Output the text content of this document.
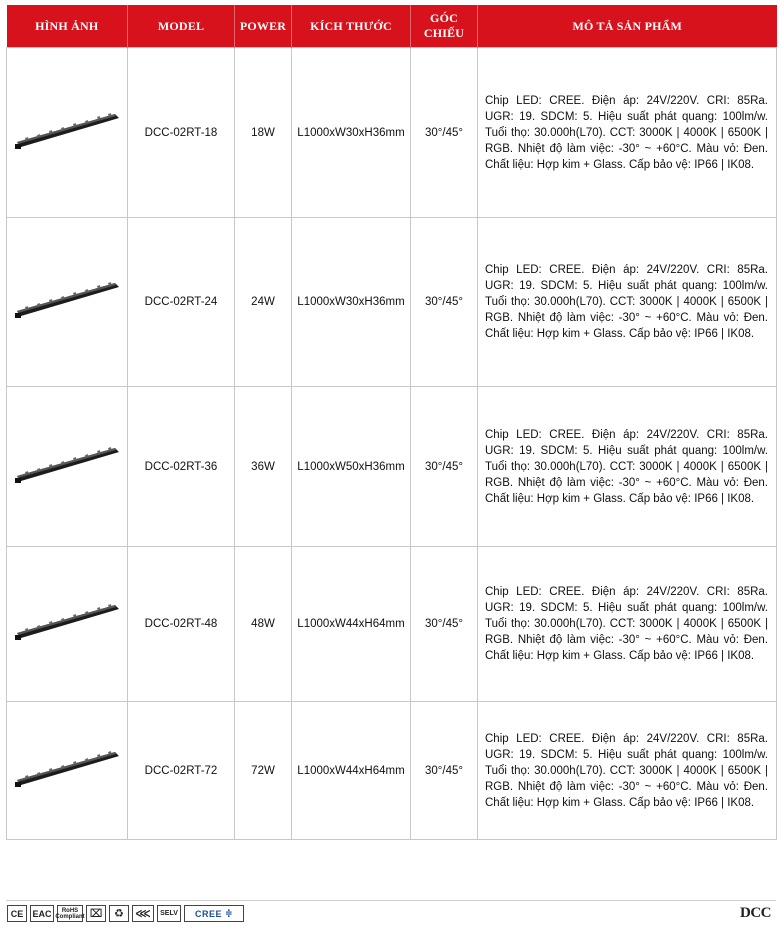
HÌNH ẢNH	MODEL	POWER	KÍCH THƯỚC	GÓC CHIẾU	MÔ TẢ SẢN PHẨM

	DCC-02RT-18	18W	L1000xW30xH36mm	30°/45°	Chip LED: CREE. Điện áp: 24V/220V. CRI: 85Ra. UGR: 19. SDCM: 5. Hiệu suất phát quang: 100lm/w. Tuổi thọ: 30.000h(L70). CCT: 3000K | 4000K | 6500K | RGB. Nhiệt độ làm việc: -30° ~ +60°C. Màu vỏ: Đen. Chất liệu: Hợp kim + Glass. Cấp bảo vệ: IP66 | IK08.

	DCC-02RT-24	24W	L1000xW30xH36mm	30°/45°	Chip LED: CREE. Điện áp: 24V/220V. CRI: 85Ra. UGR: 19. SDCM: 5. Hiệu suất phát quang: 100lm/w. Tuổi thọ: 30.000h(L70). CCT: 3000K | 4000K | 6500K | RGB. Nhiệt độ làm việc: -30° ~ +60°C. Màu vỏ: Đen. Chất liệu: Hợp kim + Glass. Cấp bảo vệ: IP66 | IK08.

	DCC-02RT-36	36W	L1000xW50xH36mm	30°/45°	Chip LED: CREE. Điện áp: 24V/220V. CRI: 85Ra. UGR: 19. SDCM: 5. Hiệu suất phát quang: 100lm/w. Tuổi thọ: 30.000h(L70). CCT: 3000K | 4000K | 6500K | RGB. Nhiệt độ làm việc: -30° ~ +60°C. Màu vỏ: Đen. Chất liệu: Hợp kim + Glass. Cấp bảo vệ: IP66 | IK08.

	DCC-02RT-48	48W	L1000xW44xH64mm	30°/45°	Chip LED: CREE. Điện áp: 24V/220V. CRI: 85Ra. UGR: 19. SDCM: 5. Hiệu suất phát quang: 100lm/w. Tuổi thọ: 30.000h(L70). CCT: 3000K | 4000K | 6500K | RGB. Nhiệt độ làm việc: -30° ~ +60°C. Màu vỏ: Đen. Chất liệu: Hợp kim + Glass. Cấp bảo vệ: IP66 | IK08.

	DCC-02RT-72	72W	L1000xW44xH64mm	30°/45°	Chip LED: CREE. Điện áp: 24V/220V. CRI: 85Ra. UGR: 19. SDCM: 5. Hiệu suất phát quang: 100lm/w. Tuổi thọ: 30.000h(L70). CCT: 3000K | 4000K | 6500K | RGB. Nhiệt độ làm việc: -30° ~ +60°C. Màu vỏ: Đen. Chất liệu: Hợp kim + Glass. Cấp bảo vệ: IP66 | IK08.
CE EAC	RoHS Compliant ⌧ ♻ ⋘ SELV CREE ≑	DCC
